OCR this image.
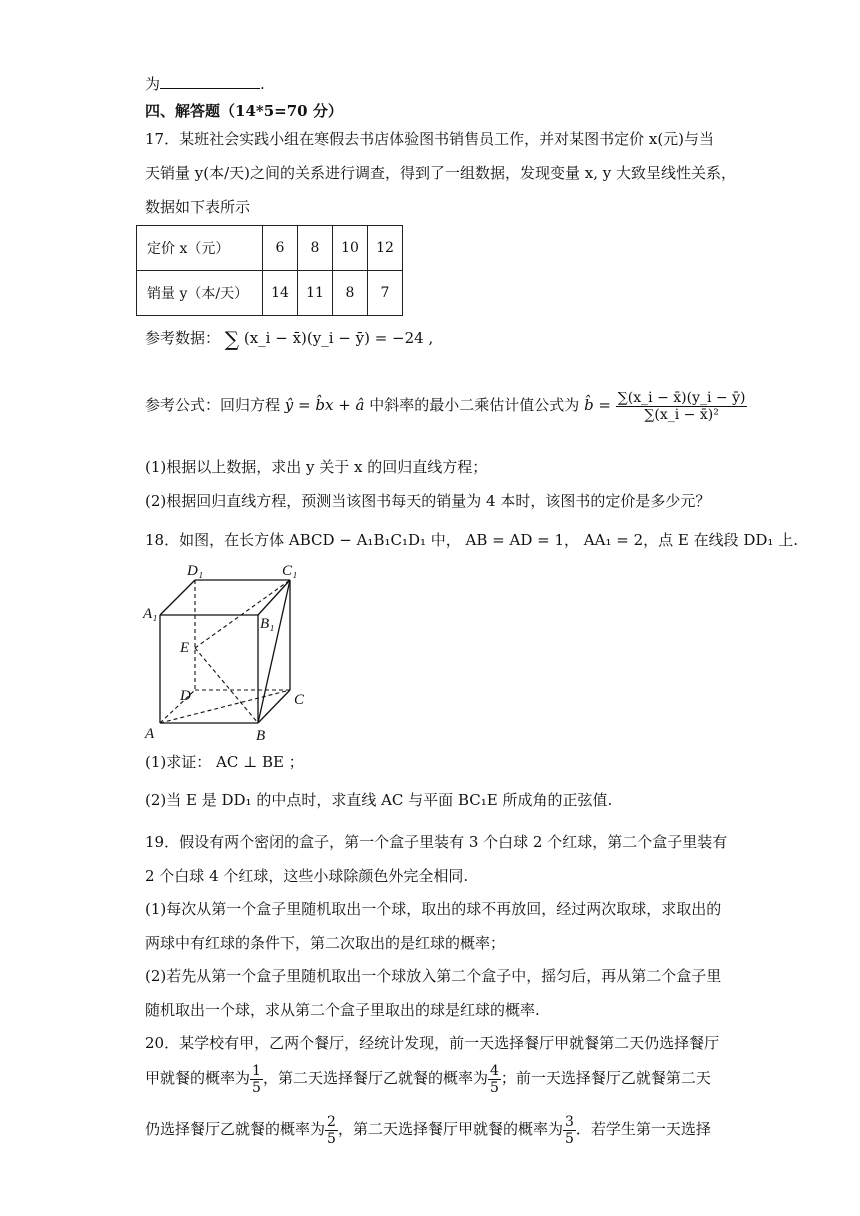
为	.
四、解答题（14*5=70 分）
17．某班社会实践小组在寒假去书店体验图书销售员工作，并对某图书定价 x(元)与当
天销量 y(本/天)之间的关系进行调查，得到了一组数据，发现变量 x, y 大致呈线性关系，
数据如下表所示
定价 x（元）	6	8	10	12
销量 y（本/天）	14	11	8	7
参考数据： ∑ (x_i − x̄)(y_i − ȳ) = −24 ,
参考公式：回归方程 ŷ = b̂x + â 中斜率的最小二乘估计值公式为 b̂ = $\frac{\sum(x\_i - x̄)(y\_i - ȳ)}{\text{∑(x\_i − x̄)²}}$
(1)根据以上数据，求出 y 关于 x 的回归直线方程；
(2)根据回归直线方程，预测当该图书每天的销量为 4 本时，该图书的定价是多少元？
18．如图，在长方体 ABCD − A₁B₁C₁D₁ 中， AB = AD = 1， AA₁ = 2，点 E 在线段 DD₁ 上.
D₁	C₁
A₁
B₁
E
D	C
A	B
(1)求证： AC ⊥ BE ；
(2)当 E 是 DD₁ 的中点时，求直线 AC 与平面 BC₁E 所成角的正弦值.
19．假设有两个密闭的盒子，第一个盒子里装有 3 个白球 2 个红球，第二个盒子里装有
2 个白球 4 个红球，这些小球除颜色外完全相同.
(1)每次从第一个盒子里随机取出一个球，取出的球不再放回，经过两次取球，求取出的
两球中有红球的条件下，第二次取出的是红球的概率；
(2)若先从第一个盒子里随机取出一个球放入第二个盒子中，摇匀后，再从第二个盒子里
随机取出一个球，求从第二个盒子里取出的球是红球的概率.
20．某学校有甲，乙两个餐厅，经统计发现，前一天选择餐厅甲就餐第二天仍选择餐厅
甲就餐的概率为 $\frac{1}{5}$ ，第二天选择餐厅乙就餐的概率为 $\frac{4}{5}$ ；前一天选择餐厅乙就餐第二天
仍选择餐厅乙就餐的概率为 $\frac{2}{5}$ ，第二天选择餐厅甲就餐的概率为 $\frac{3}{5}$ ．若学生第一天选择
